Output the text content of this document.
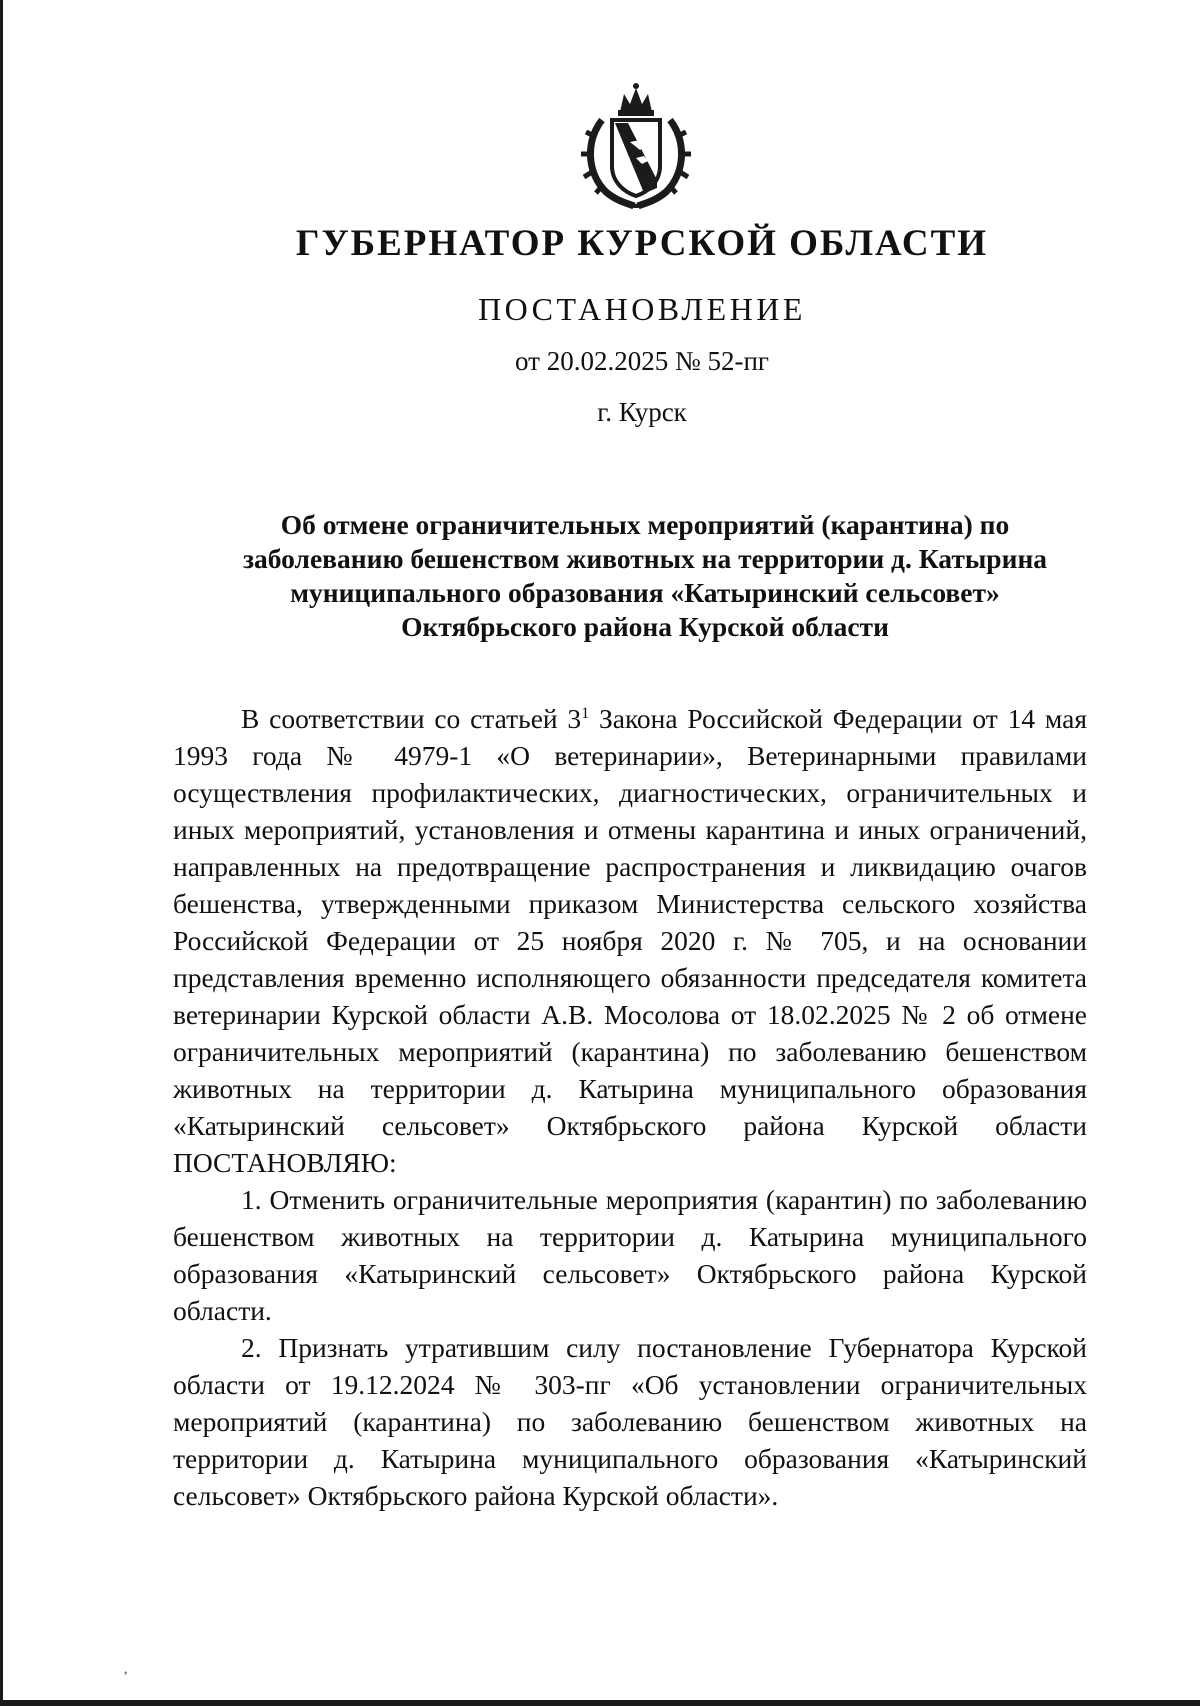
ГУБЕРНАТОР КУРСКОЙ ОБЛАСТИ
ПОСТАНОВЛЕНИЕ
от 20.02.2025 № 52-пг
г. Курск
Об отмене ограничительных мероприятий (карантина) по
заболеванию бешенством животных на территории д. Катырина
муниципального образования «Катыринский сельсовет»
Октябрьского района Курской области

В соответствии со статьей $3^1$ Закона Российской Федерации от 14 мая 1993 года № 4979-1 «О ветеринарии», Ветеринарными правилами осуществления профилактических, диагностических, ограничительных и иных мероприятий, установления и отмены карантина и иных ограничений, направленных на предотвращение распространения и ликвидацию очагов бешенства, утвержденными приказом Министерства сельского хозяйства Российской Федерации от 25 ноября 2020 г. № 705, и на основании представления временно исполняющего обязанности председателя комитета ветеринарии Курской области А.В. Мосолова от 18.02.2025 № 2 об отмене ограничительных мероприятий (карантина) по заболеванию бешенством животных на территории д. Катырина муниципального образования «Катыринский сельсовет» Октябрьского района Курской области ПОСТАНОВЛЯЮ:

1. Отменить ограничительные мероприятия (карантин) по заболеванию бешенством животных на территории д. Катырина муниципального образования «Катыринский сельсовет» Октябрьского района Курской области.

2. Признать утратившим силу постановление Губернатора Курской области от 19.12.2024 № 303-пг «Об установлении ограничительных мероприятий (карантина) по заболеванию бешенством животных на территории д. Катырина муниципального образования «Катыринский сельсовет» Октябрьского района Курской области».

,
